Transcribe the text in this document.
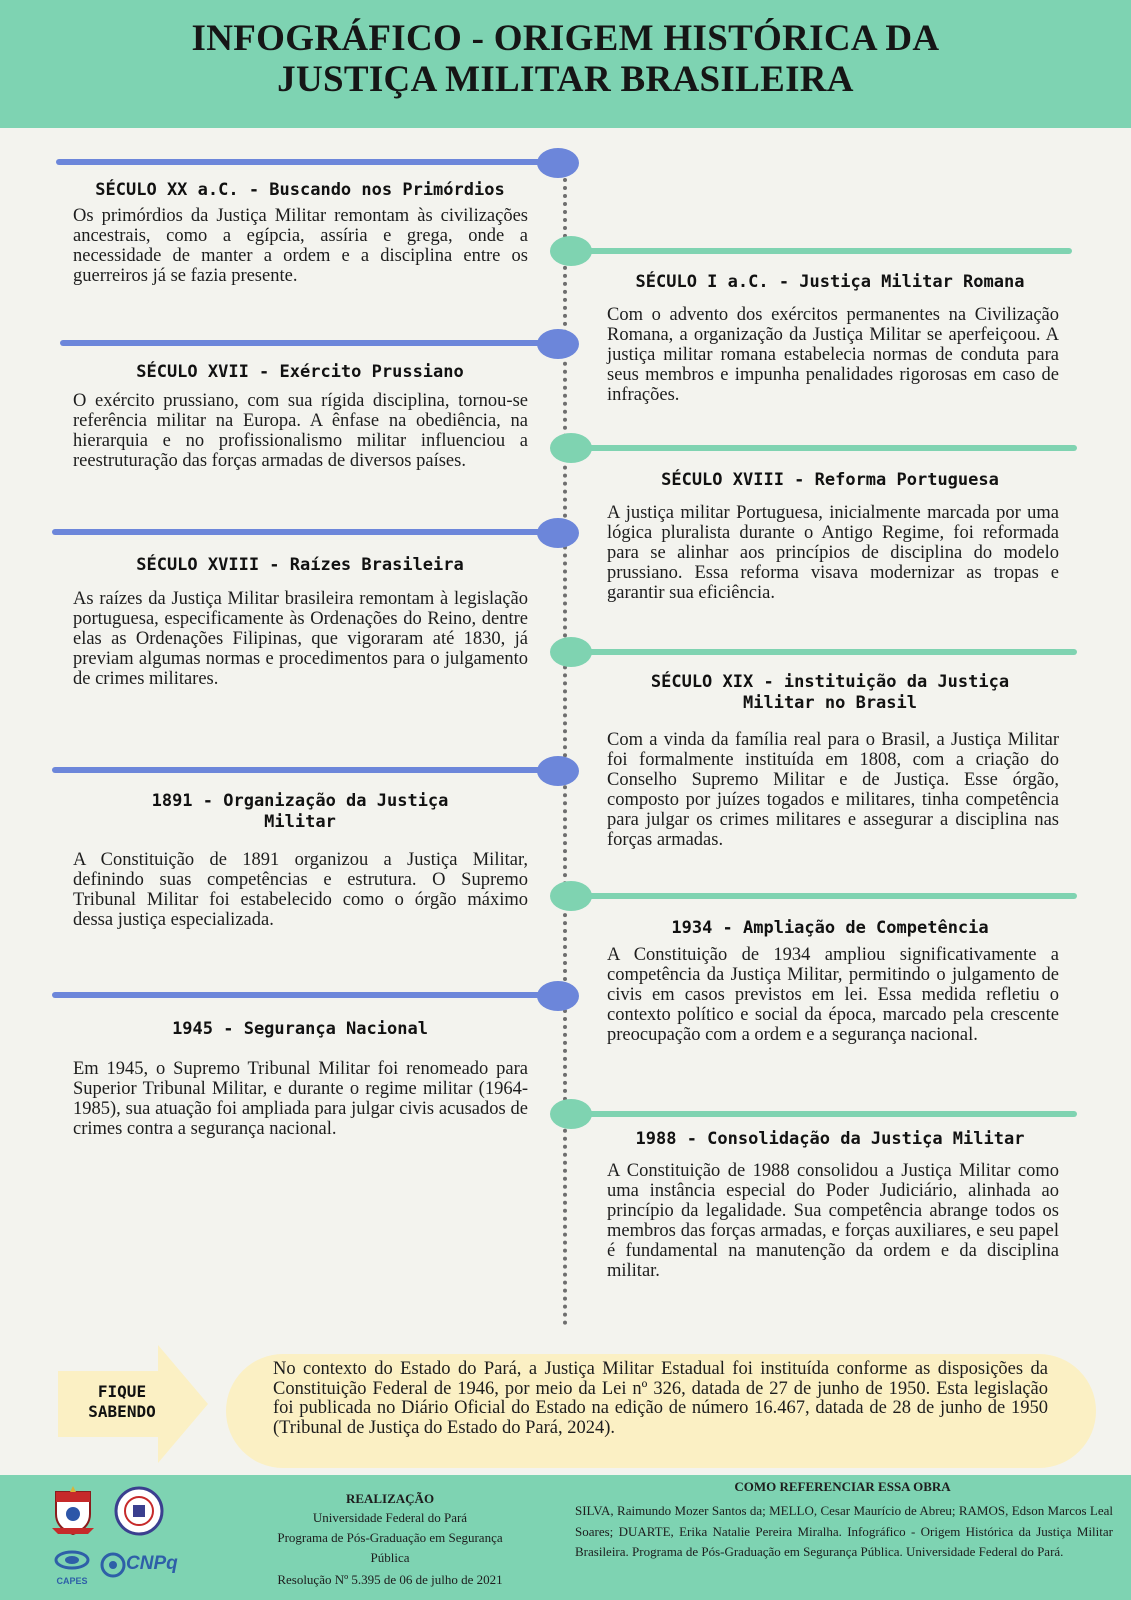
INFOGRÁFICO - ORIGEM HISTÓRICA DA
JUSTIÇA MILITAR BRASILEIRA
SÉCULO XX a.C. - Buscando nos Primórdios
Os primórdios da Justiça Militar remontam às civilizações ancestrais, como a egípcia, assíria e grega, onde a necessidade de manter a ordem e a disciplina entre os guerreiros já se fazia presente.
SÉCULO XVII - Exército Prussiano
O exército prussiano, com sua rígida disciplina, tornou-se referência militar na Europa. A ênfase na obediência, na hierarquia e no profissionalismo militar influenciou a reestruturação das forças armadas de diversos países.
SÉCULO XVIII - Raízes Brasileira
As raízes da Justiça Militar brasileira remontam à legislação portuguesa, especificamente às Ordenações do Reino, dentre elas as Ordenações Filipinas, que vigoraram até 1830, já previam algumas normas e procedimentos para o julgamento de crimes militares.
1891 - Organização da Justiça
Militar
A Constituição de 1891 organizou a Justiça Militar, definindo suas competências e estrutura. O Supremo Tribunal Militar foi estabelecido como o órgão máximo dessa justiça especializada.
1945 - Segurança Nacional
Em 1945, o Supremo Tribunal Militar foi renomeado para Superior Tribunal Militar, e durante o regime militar (1964-1985), sua atuação foi ampliada para julgar civis acusados de crimes contra a segurança nacional.
SÉCULO I a.C. - Justiça Militar Romana
Com o advento dos exércitos permanentes na Civilização Romana, a organização da Justiça Militar se aperfeiçoou. A justiça militar romana estabelecia normas de conduta para seus membros e impunha penalidades rigorosas em caso de infrações.
SÉCULO XVIII - Reforma Portuguesa
A justiça militar Portuguesa, inicialmente marcada por uma lógica pluralista durante o Antigo Regime, foi reformada para se alinhar aos princípios de disciplina do modelo prussiano. Essa reforma visava modernizar as tropas e garantir sua eficiência.
SÉCULO XIX - instituição da Justiça
Militar no Brasil
Com a vinda da família real para o Brasil, a Justiça Militar foi formalmente instituída em 1808, com a criação do Conselho Supremo Militar e de Justiça. Esse órgão, composto por juízes togados e militares, tinha competência para julgar os crimes militares e assegurar a disciplina nas forças armadas.
1934 - Ampliação de Competência
A Constituição de 1934 ampliou significativamente a competência da Justiça Militar, permitindo o julgamento de civis em casos previstos em lei. Essa medida refletiu o contexto político e social da época, marcado pela crescente preocupação com a ordem e a segurança nacional.
1988 - Consolidação da Justiça Militar
A Constituição de 1988 consolidou a Justiça Militar como uma instância especial do Poder Judiciário, alinhada ao princípio da legalidade. Sua competência abrange todos os membros das forças armadas, e forças auxiliares, e seu papel é fundamental na manutenção da ordem e da disciplina militar.
FIQUE
SABENDO
No contexto do Estado do Pará, a Justiça Militar Estadual foi instituída conforme as disposições da Constituição Federal de 1946, por meio da Lei nº 326, datada de 27 de junho de 1950. Esta legislação foi publicada no Diário Oficial do Estado na edição de número 16.467, datada de 28 de junho de 1950 (Tribunal de Justiça do Estado do Pará, 2024).
CAPES
CNPq
REALIZAÇÃO
Universidade Federal do Pará
Programa de Pós-Graduação em Segurança
Pública
Resolução Nº 5.395 de 06 de julho de 2021
COMO REFERENCIAR ESSA OBRA
SILVA, Raimundo Mozer Santos da; MELLO, Cesar Maurício de Abreu; RAMOS, Edson Marcos Leal Soares; DUARTE, Erika Natalie Pereira Miralha. Infográfico - Origem Histórica da Justiça Militar Brasileira. Programa de Pós-Graduação em Segurança Pública. Universidade Federal do Pará.
